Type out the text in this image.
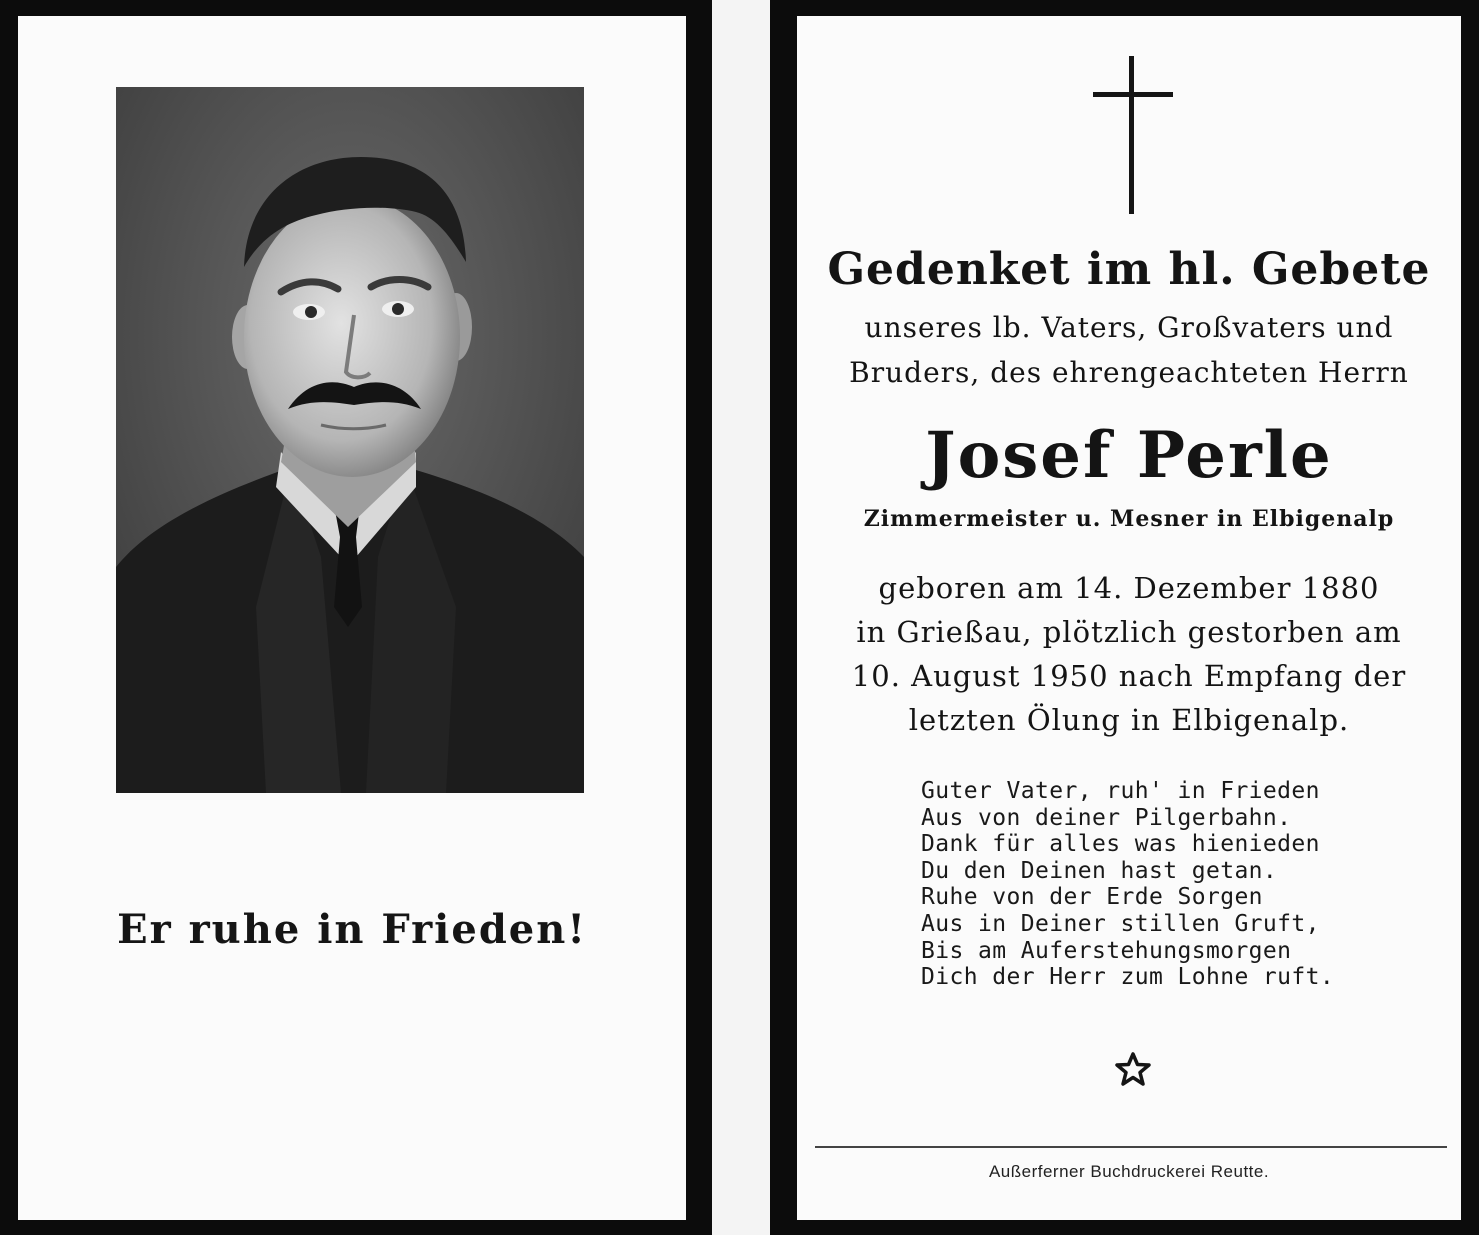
Er ruhe in Frieden!
Gedenket im hl. Gebete
unseres lb. Vaters, Großvaters und
Bruders, des ehrengeachteten Herrn
Josef Perle
Zimmermeister u. Mesner in Elbigenalp
geboren am 14. Dezember 1880
in Grießau, plötzlich gestorben am
10. August 1950 nach Empfang der
letzten Ölung in Elbigenalp.
Guter Vater, ruh' in Frieden
Aus von deiner Pilgerbahn.
Dank für alles was hienieden
Du den Deinen hast getan.
Ruhe von der Erde Sorgen
Aus in Deiner stillen Gruft,
Bis am Auferstehungsmorgen
Dich der Herr zum Lohne ruft.
Außerferner Buchdruckerei Reutte.
